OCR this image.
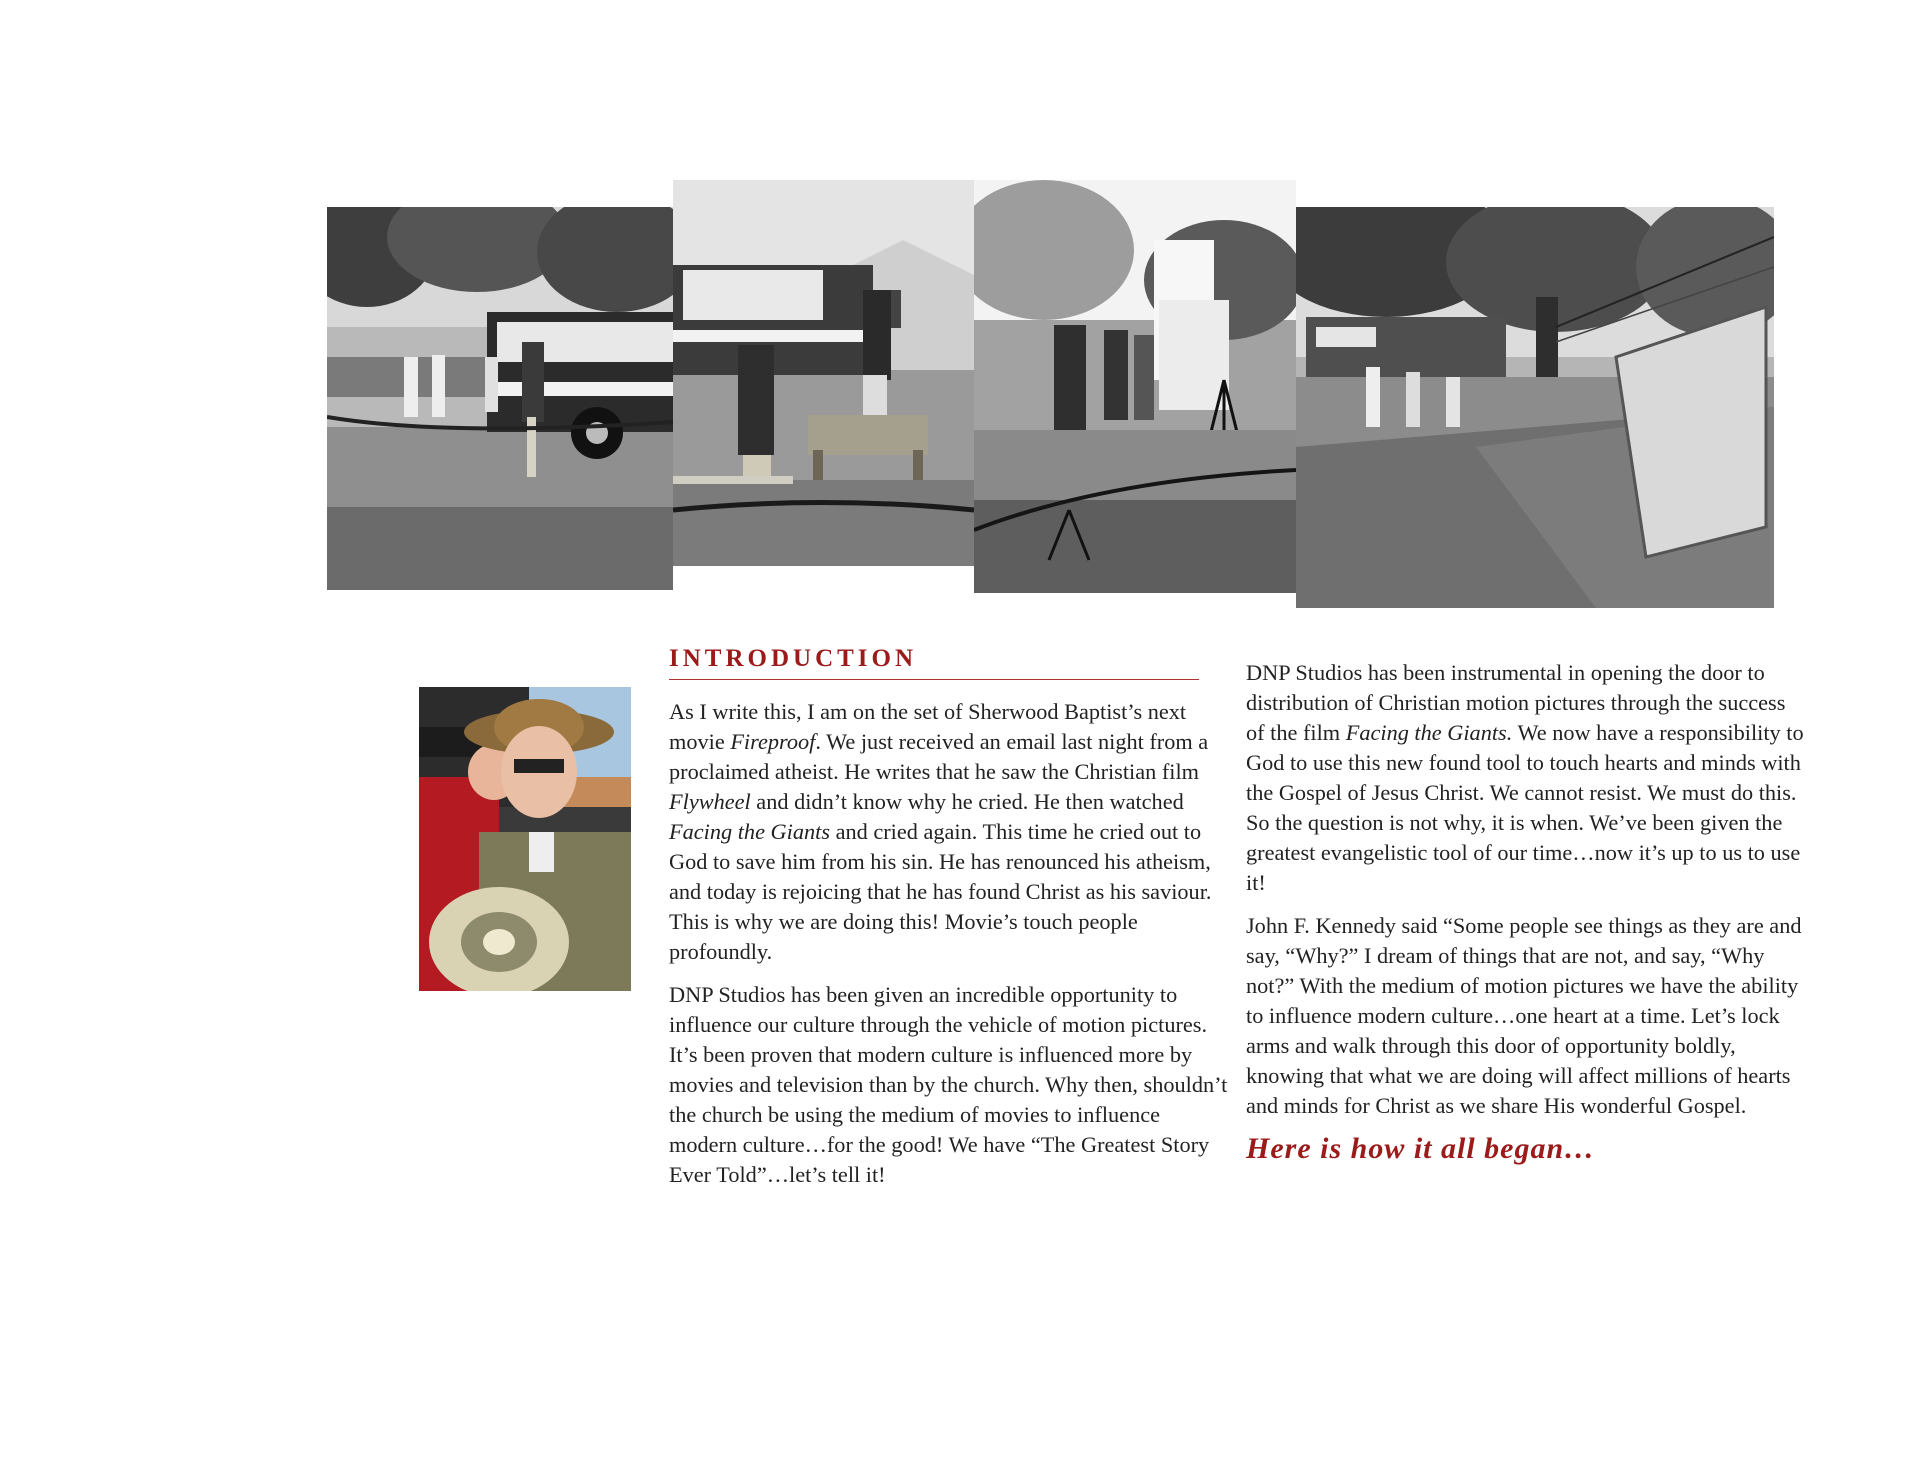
INTRODUCTION

As I write this, I am on the set of Sherwood Baptist’s next movie Fireproof. We just received an email last night from a proclaimed atheist. He writes that he saw the Christian film Flywheel and didn’t know why he cried. He then watched Facing the Giants and cried again. This time he cried out to God to save him from his sin. He has renounced his atheism, and today is rejoicing that he has found Christ as his saviour. This is why we are doing this! Movie’s touch people profoundly.

DNP Studios has been given an incredible opportunity to influence our culture through the vehicle of motion pictures. It’s been proven that modern culture is influenced more by movies and television than by the church. Why then, shouldn’t the church be using the medium of movies to influence modern culture…for the good! We have “The Greatest Story Ever Told”…let’s tell it!

DNP Studios has been instrumental in opening the door to distribution of Christian motion pictures through the success of the film Facing the Giants. We now have a responsibility to God to use this new found tool to touch hearts and minds with the Gospel of Jesus Christ. We cannot resist. We must do this. So the question is not why, it is when. We’ve been given the greatest evangelistic tool of our time…now it’s up to us to use it!

John F. Kennedy said “Some people see things as they are and say, “Why?” I dream of things that are not, and say, “Why not?” With the medium of motion pictures we have the ability to influence modern culture…one heart at a time. Let’s lock arms and walk through this door of opportunity boldly, knowing that what we are doing will affect millions of hearts and minds for Christ as we share His wonderful Gospel.

Here is how it all began…
